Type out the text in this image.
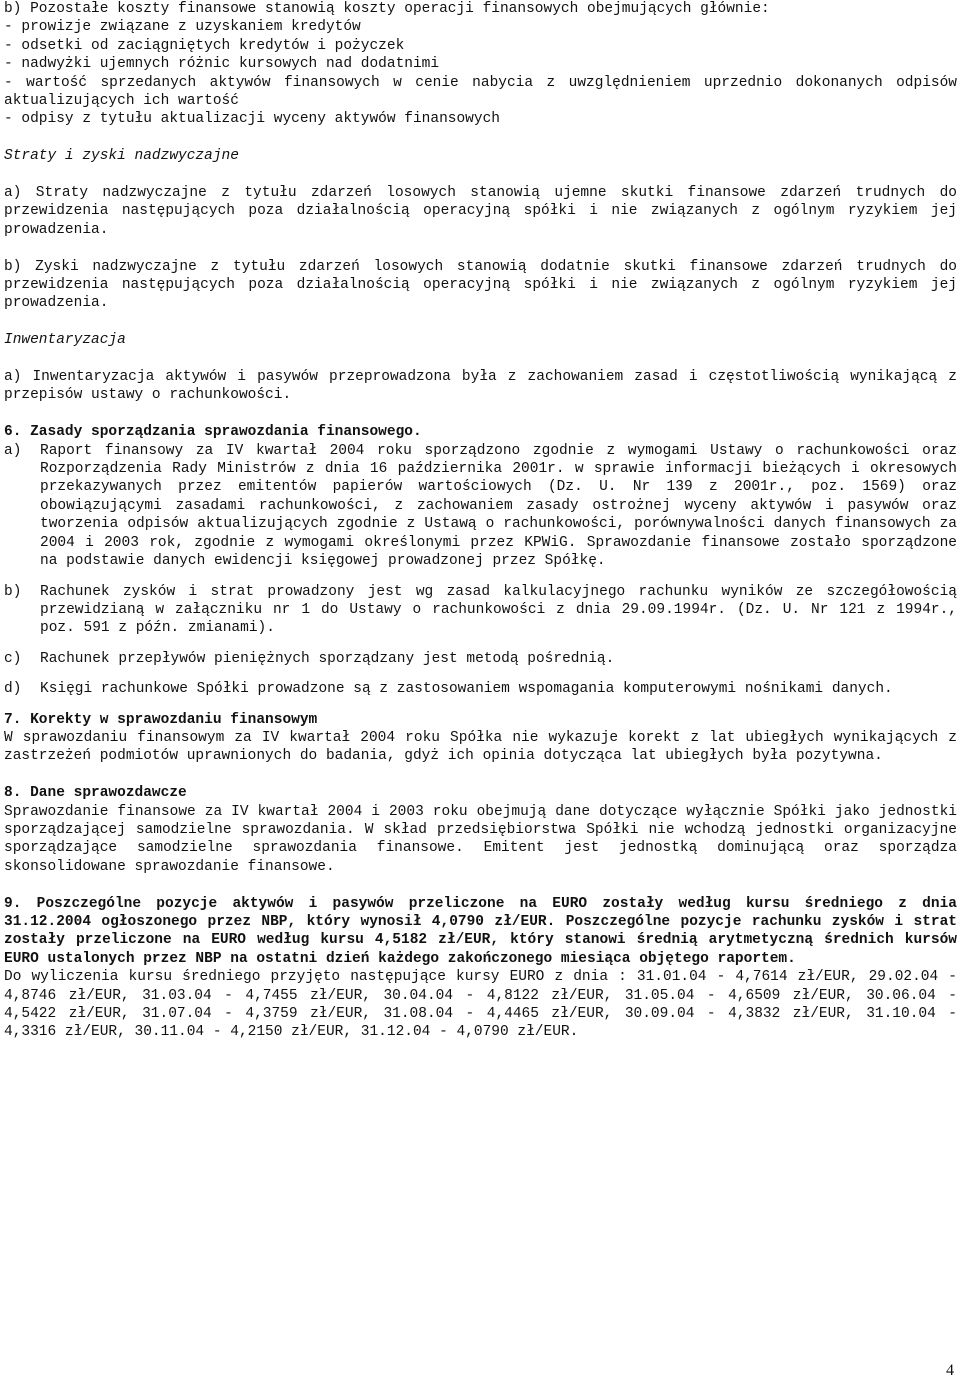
b) Pozostałe koszty finansowe stanowią koszty operacji finansowych obejmujących głównie:
- prowizje związane z uzyskaniem kredytów
- odsetki od zaciągniętych kredytów i pożyczek
- nadwyżki ujemnych różnic kursowych nad dodatnimi

- wartość sprzedanych aktywów finansowych w cenie nabycia z uwzględnieniem uprzednio dokonanych odpisów aktualizujących ich wartość

- odpisy z tytułu aktualizacji wyceny aktywów finansowych
Straty i zyski nadzwyczajne

a) Straty nadzwyczajne z tytułu zdarzeń losowych stanowią ujemne skutki finansowe zdarzeń trudnych do przewidzenia następujących poza działalnością operacyjną spółki i nie związanych z ogólnym ryzykiem jej prowadzenia.

b) Zyski nadzwyczajne z tytułu zdarzeń losowych stanowią dodatnie skutki finansowe zdarzeń trudnych do przewidzenia następujących poza działalnością operacyjną spółki i nie związanych z ogólnym ryzykiem jej prowadzenia.

Inwentaryzacja

a) Inwentaryzacja aktywów i pasywów przeprowadzona była z zachowaniem zasad i częstotliwością wynikającą z przepisów ustawy o rachunkowości.

6. Zasady sporządzania sprawozdania finansowego.
a)	Raport finansowy za IV kwartał 2004 roku sporządzono zgodnie z wymogami Ustawy o rachunkowości oraz Rozporządzenia Rady Ministrów z dnia 16 października 2001r. w sprawie informacji bieżących i okresowych przekazywanych przez emitentów papierów wartościowych (Dz. U. Nr 139 z 2001r., poz. 1569) oraz obowiązującymi zasadami rachunkowości, z zachowaniem zasady ostrożnej wyceny aktywów i pasywów oraz tworzenia odpisów aktualizujących zgodnie z Ustawą o rachunkowości, porównywalności danych finansowych za 2004 i 2003 rok, zgodnie z wymogami określonymi przez KPWiG. Sprawozdanie finansowe zostało sporządzone na podstawie danych ewidencji księgowej prowadzonej przez Spółkę.
b)	Rachunek zysków i strat prowadzony jest wg zasad kalkulacyjnego rachunku wyników ze szczegółowością przewidzianą w załączniku nr 1 do Ustawy o rachunkowości z dnia 29.09.1994r. (Dz. U. Nr 121 z 1994r., poz. 591 z późn. zmianami).
c)	Rachunek przepływów pieniężnych sporządzany jest metodą pośrednią.
d)	Księgi rachunkowe Spółki prowadzone są z zastosowaniem wspomagania komputerowymi nośnikami danych.
7. Korekty w sprawozdaniu finansowym

W sprawozdaniu finansowym za IV kwartał 2004 roku Spółka nie wykazuje korekt z lat ubiegłych wynikających z zastrzeżeń podmiotów uprawnionych do badania, gdyż ich opinia dotycząca lat ubiegłych była pozytywna.

8. Dane sprawozdawcze

Sprawozdanie finansowe za IV kwartał 2004 i 2003 roku obejmują dane dotyczące wyłącznie Spółki jako jednostki sporządzającej samodzielne sprawozdania. W skład przedsiębiorstwa Spółki nie wchodzą jednostki organizacyjne sporządzające samodzielne sprawozdania finansowe. Emitent jest jednostką dominującą oraz sporządza skonsolidowane sprawozdanie finansowe.

9. Poszczególne pozycje aktywów i pasywów przeliczone na EURO zostały według kursu średniego z dnia 31.12.2004 ogłoszonego przez NBP, który wynosił 4,0790 zł/EUR. Poszczególne pozycje rachunku zysków i strat zostały przeliczone na EURO według kursu 4,5182 zł/EUR, który stanowi średnią arytmetyczną średnich kursów EURO ustalonych przez NBP na ostatni dzień każdego zakończonego miesiąca objętego raportem.

Do wyliczenia kursu średniego przyjęto następujące kursy EURO z dnia : 31.01.04 - 4,7614 zł/EUR, 29.02.04 - 4,8746 zł/EUR, 31.03.04 - 4,7455 zł/EUR, 30.04.04 - 4,8122 zł/EUR, 31.05.04 - 4,6509 zł/EUR, 30.06.04 - 4,5422 zł/EUR, 31.07.04 - 4,3759 zł/EUR, 31.08.04 - 4,4465 zł/EUR, 30.09.04 - 4,3832 zł/EUR, 31.10.04 - 4,3316 zł/EUR, 30.11.04 - 4,2150 zł/EUR, 31.12.04 - 4,0790 zł/EUR.

4
